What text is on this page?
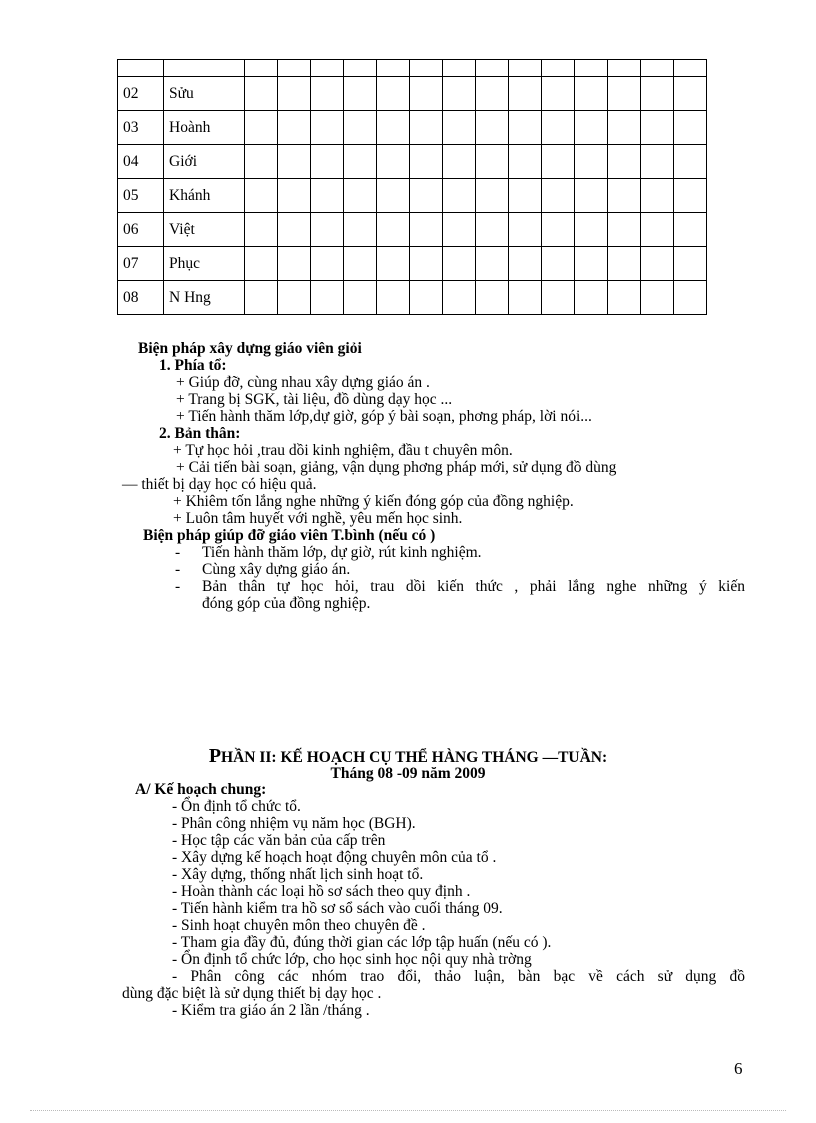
02	Sửu														
03	Hoành														
04	Giới														
05	Khánh														
06	Việt														
07	Phục														
08	N Hng														
Biện pháp xây dựng giáo viên giỏi
1. Phía tổ:
+ Giúp đỡ, cùng nhau xây dựng giáo án .
+ Trang bị SGK, tài liệu, đồ dùng dạy học ...
+ Tiến hành thăm lớp,dự giờ, góp ý bài soạn, phơng pháp, lời nói...
2. Bản thân:
+ Tự học hỏi ,trau dồi kinh nghiệm, đầu t chuyên môn.
+ Cải tiến bài soạn, giảng, vận dụng phơng pháp mới, sử dụng đồ dùng
— thiết bị dạy học có hiệu quả.
+ Khiêm tốn lắng nghe những ý kiến đóng góp của đồng nghiệp.
+ Luôn tâm huyết với nghề, yêu mến học sinh.
Biện pháp giúp đỡ giáo viên T.bình (nếu có )
- Tiến hành thăm lớp, dự giờ, rút kinh nghiệm.
- Cùng xây dựng giáo án.
- Bản thân tự học hỏi, trau dồi kiến thức , phải lắng nghe những ý kiến
đóng góp của đồng nghiệp.
PHẦN II: KẾ HOẠCH CỤ THỂ HÀNG THÁNG —TUẦN:
Tháng 08 -09 năm 2009
A/ Kế hoạch chung:
- Ổn định tổ chức tổ.
- Phân công nhiệm vụ năm học (BGH).
- Học tập các văn bản của cấp trên
- Xây dựng kế hoạch hoạt động chuyên môn của tổ .
- Xây dựng, thống nhất lịch sinh hoạt tổ.
- Hoàn thành các loại hồ sơ sách theo quy định .
- Tiến hành kiểm tra hồ sơ sổ sách vào cuối tháng 09.
- Sinh hoạt chuyên môn theo chuyên đề .
- Tham gia đầy đủ, đúng thời gian các lớp tập huấn (nếu có ).
- Ổn định tổ chức lớp, cho học sinh học nội quy nhà trờng
- Phân công các nhóm trao đổi, thảo luận, bàn bạc về cách sử dụng đồ
dùng đặc biệt là sử dụng thiết bị dạy học .
- Kiểm tra giáo án 2 lần /tháng .
6
